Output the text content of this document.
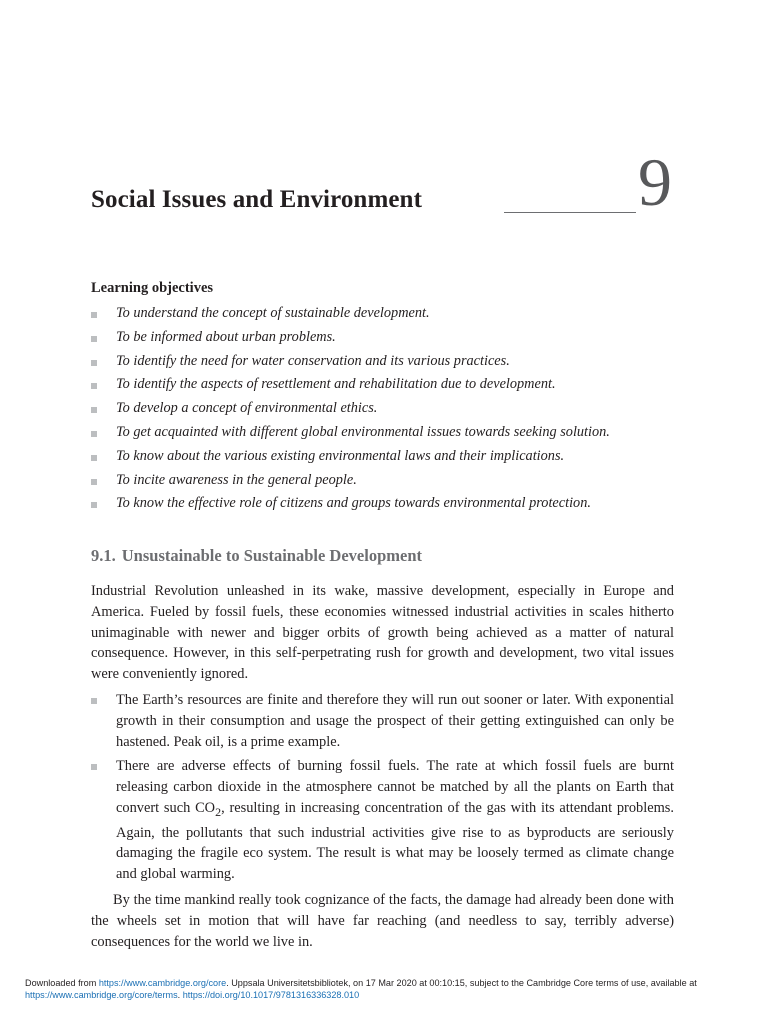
Social Issues and Environment	9
Learning objectives
To understand the concept of sustainable development.
To be informed about urban problems.
To identify the need for water conservation and its various practices.
To identify the aspects of resettlement and rehabilitation due to development.
To develop a concept of environmental ethics.
To get acquainted with different global environmental issues towards seeking solution.
To know about the various existing environmental laws and their implications.
To incite awareness in the general people.
To know the effective role of citizens and groups towards environmental protection.
9.1. Unsustainable to Sustainable Development

Industrial Revolution unleashed in its wake, massive development, especially in Europe and America. Fueled by fossil fuels, these economies witnessed industrial activities in scales hitherto unimaginable with newer and bigger orbits of growth being achieved as a matter of natural consequence. However, in this self-perpetrating rush for growth and development, two vital issues were conveniently ignored.

The Earth’s resources are finite and therefore they will run out sooner or later. With exponential growth in their consumption and usage the prospect of their getting extinguished can only be hastened. Peak oil, is a prime example.
There are adverse effects of burning fossil fuels. The rate at which fossil fuels are burnt releasing carbon dioxide in the atmosphere cannot be matched by all the plants on Earth that convert such $CO_2$, resulting in increasing concentration of the gas with its attendant problems. Again, the pollutants that such industrial activities give rise to as byproducts are seriously damaging the fragile eco system. The result is what may be loosely termed as climate change and global warming.

By the time mankind really took cognizance of the facts, the damage had already been done with the wheels set in motion that will have far reaching (and needless to say, terribly adverse) consequences for the world we live in.

Downloaded from https://www.cambridge.org/core. Uppsala Universitetsbibliotek, on 17 Mar 2020 at 00:10:15, subject to the Cambridge Core terms of use, available at
https://www.cambridge.org/core/terms. https://doi.org/10.1017/9781316336328.010
